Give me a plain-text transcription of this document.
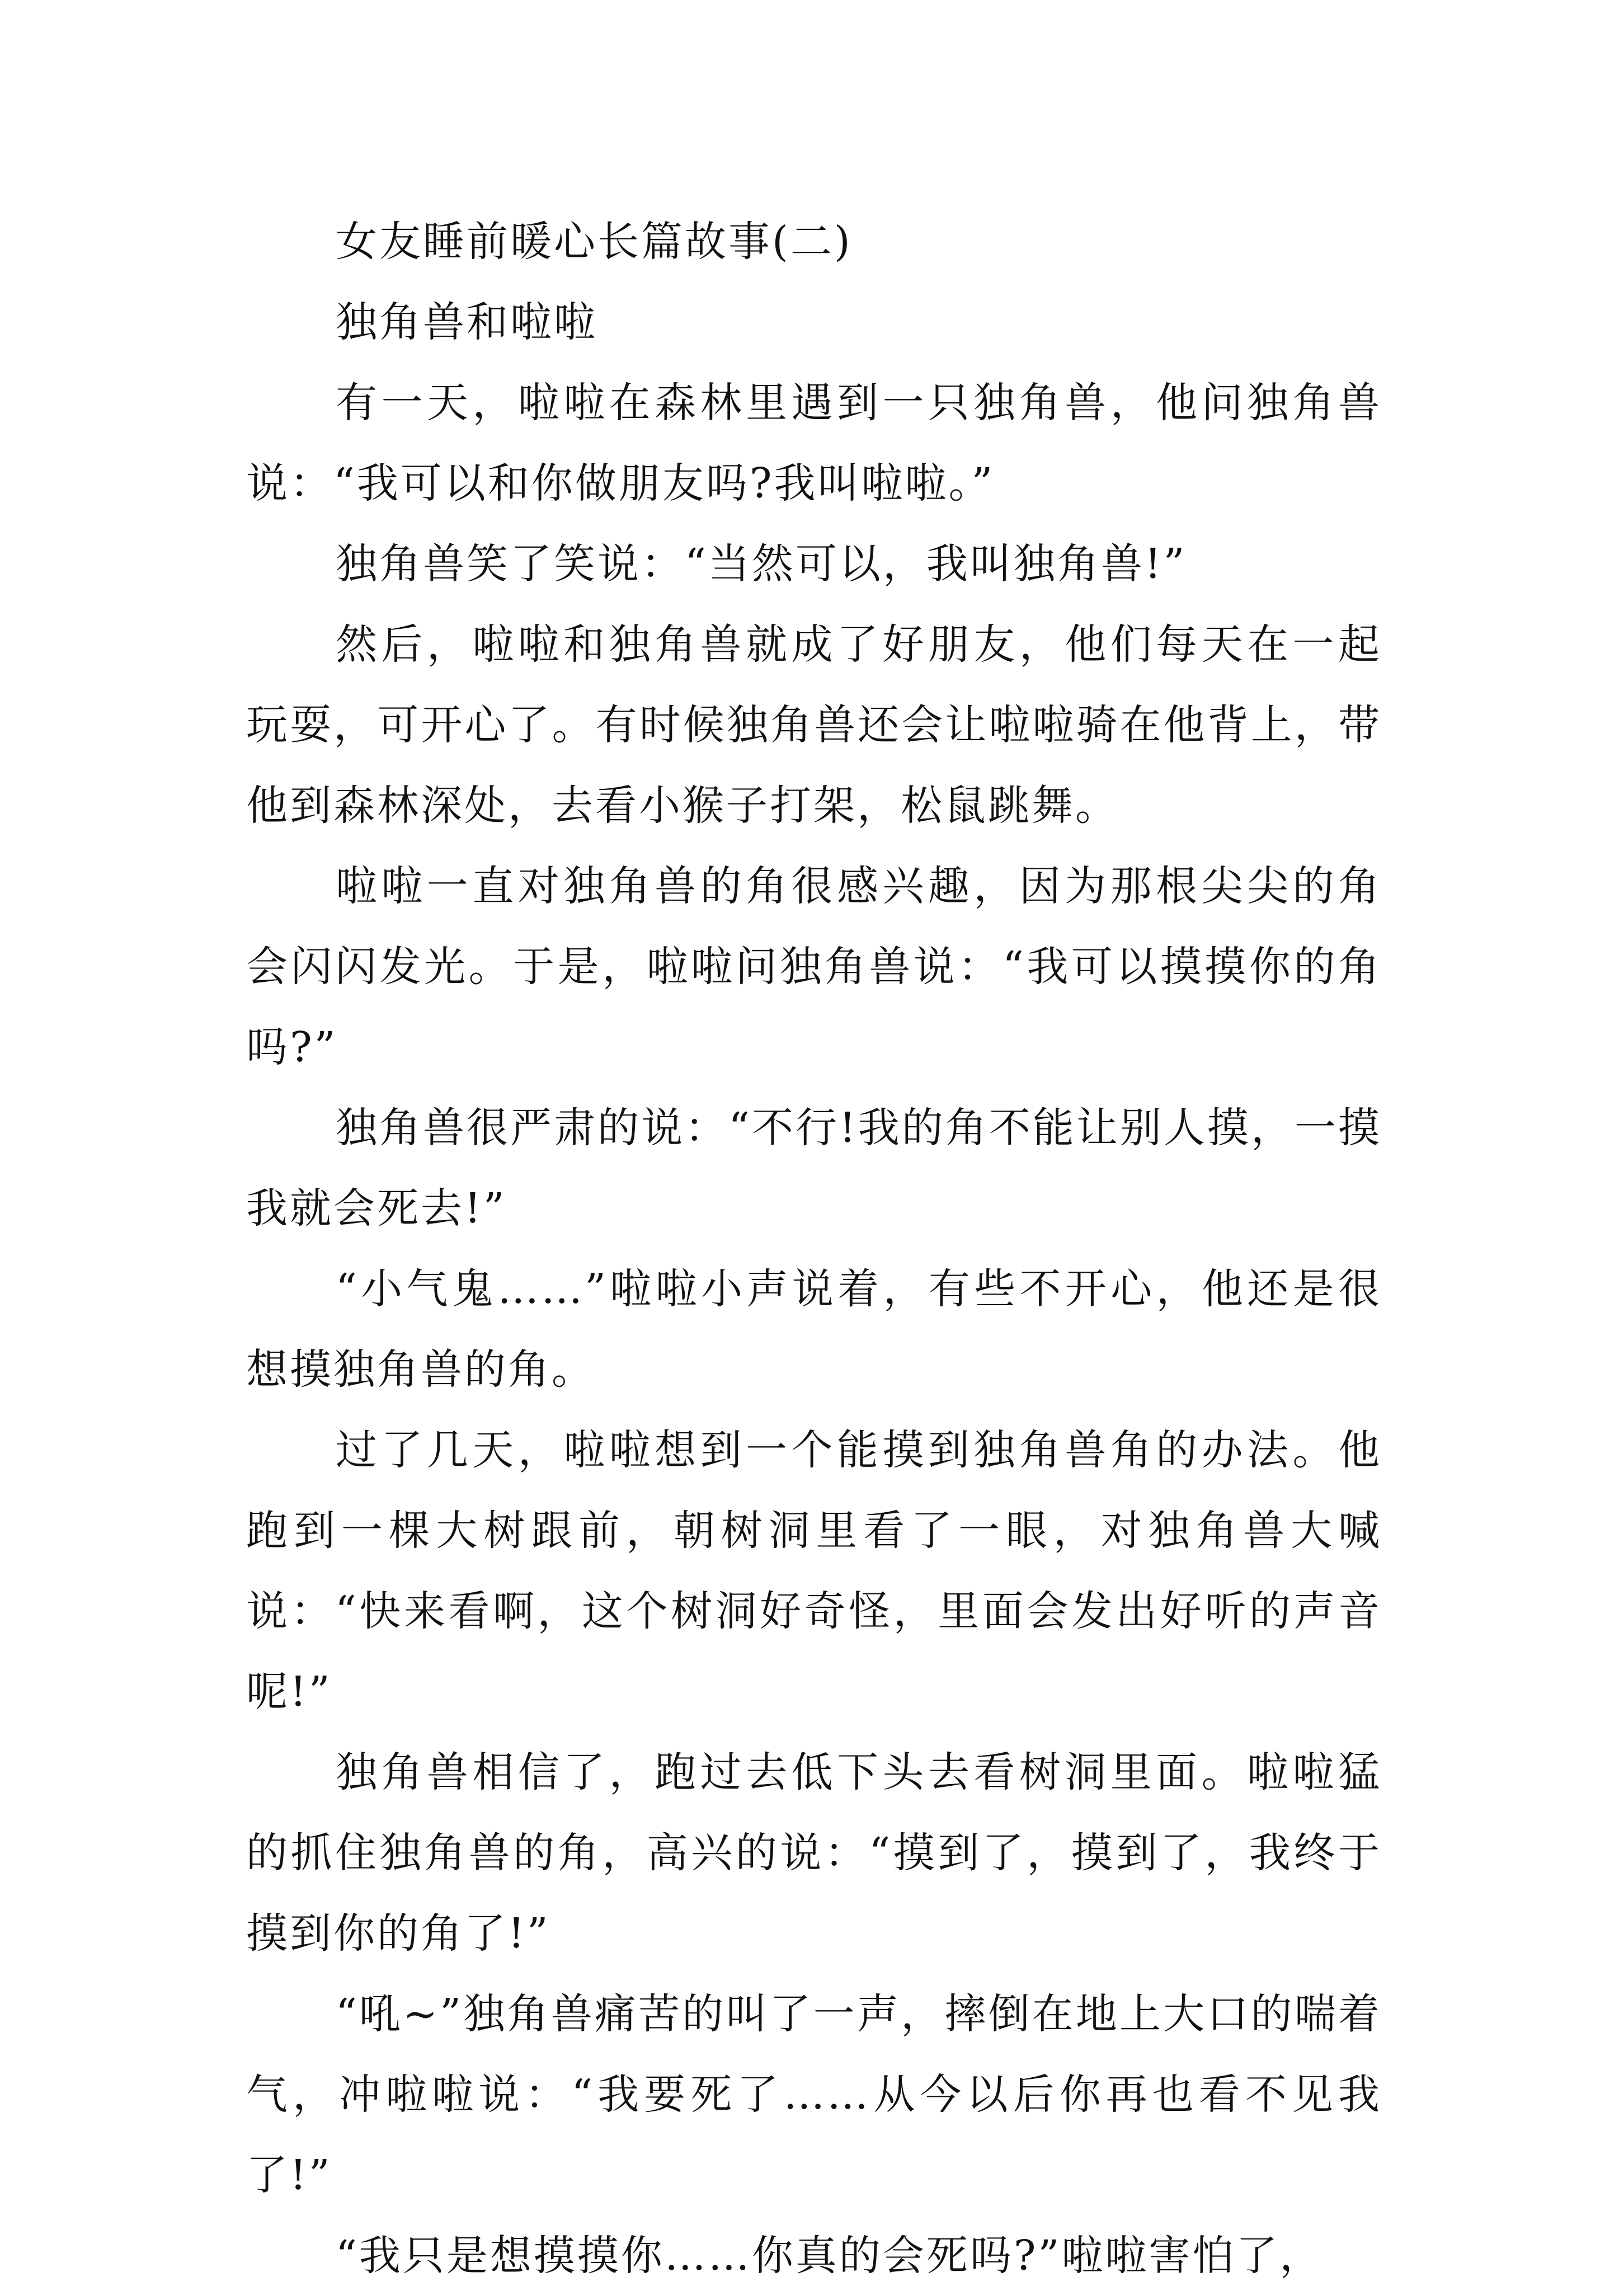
女友睡前暖心长篇故事(二)

独角兽和啦啦

有一天，啦啦在森林里遇到一只独角兽，他问独角兽说：“我可以和你做朋友吗?我叫啦啦。”

独角兽笑了笑说：“当然可以，我叫独角兽!”

然后，啦啦和独角兽就成了好朋友，他们每天在一起玩耍，可开心了。有时候独角兽还会让啦啦骑在他背上，带他到森林深处，去看小猴子打架，松鼠跳舞。

啦啦一直对独角兽的角很感兴趣，因为那根尖尖的角会闪闪发光。于是，啦啦问独角兽说：“我可以摸摸你的角吗?”

独角兽很严肃的说：“不行!我的角不能让别人摸，一摸我就会死去!”

“小气鬼……”啦啦小声说着，有些不开心，他还是很想摸独角兽的角。

过了几天，啦啦想到一个能摸到独角兽角的办法。他跑到一棵大树跟前，朝树洞里看了一眼，对独角兽大喊说：“快来看啊，这个树洞好奇怪，里面会发出好听的声音呢!”

独角兽相信了，跑过去低下头去看树洞里面。啦啦猛的抓住独角兽的角，高兴的说：“摸到了，摸到了，我终于摸到你的角了!”

“吼~”独角兽痛苦的叫了一声，摔倒在地上大口的喘着气，冲啦啦说：“我要死了……从今以后你再也看不见我了!”

“我只是想摸摸你……你真的会死吗?”啦啦害怕了，
